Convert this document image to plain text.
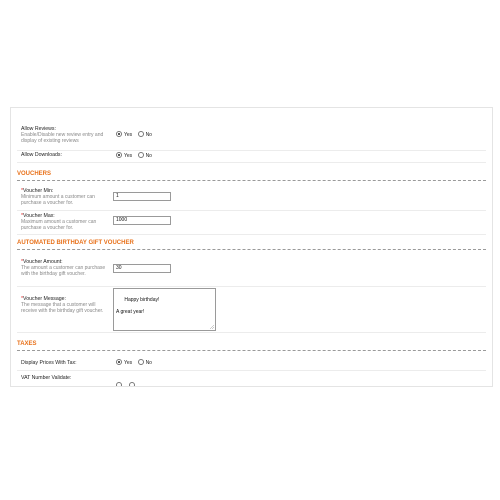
Allow Reviews:
Enable/Disable new review entry and display of existing reviews
Yes	No
Allow Downloads:	Yes	No
VOUCHERS
*Voucher Min:
Minimum amount a customer can purchase a voucher for.
1
*Voucher Max:
Maximum amount a customer can purchase a voucher for.
1000
AUTOMATED BIRTHDAY GIFT VOUCHER
*Voucher Amount:
The amount a customer can purchase with the birthday gift voucher.
30
*Voucher Message:
The message that a customer will receive with the birthday gift voucher.

Happy birthday!

A great year!

TAXES
Display Prices With Tax:	Yes	No
VAT Number Validate:
